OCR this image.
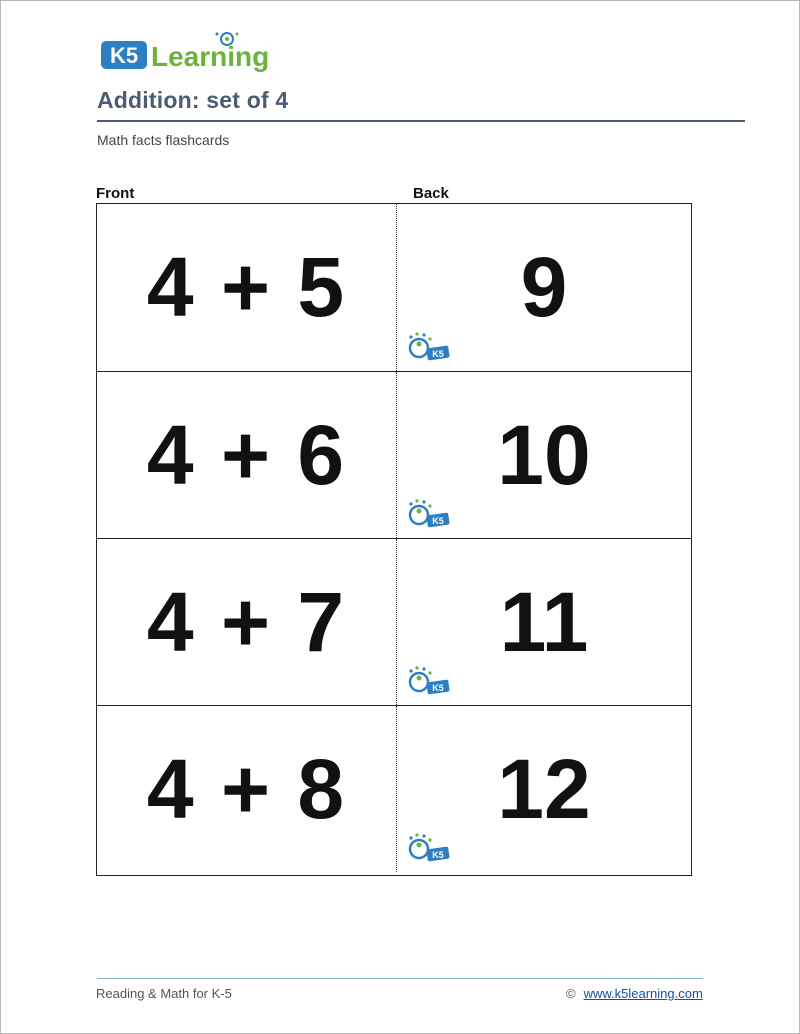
K5 Learning
Addition: set of 4
Math facts flashcards
Front	Back
4 + 5	9
K5
4 + 6	10
K5
4 + 7	11
K5
4 + 8	12
K5
Reading & Math for K-5	© www.k5learning.com
